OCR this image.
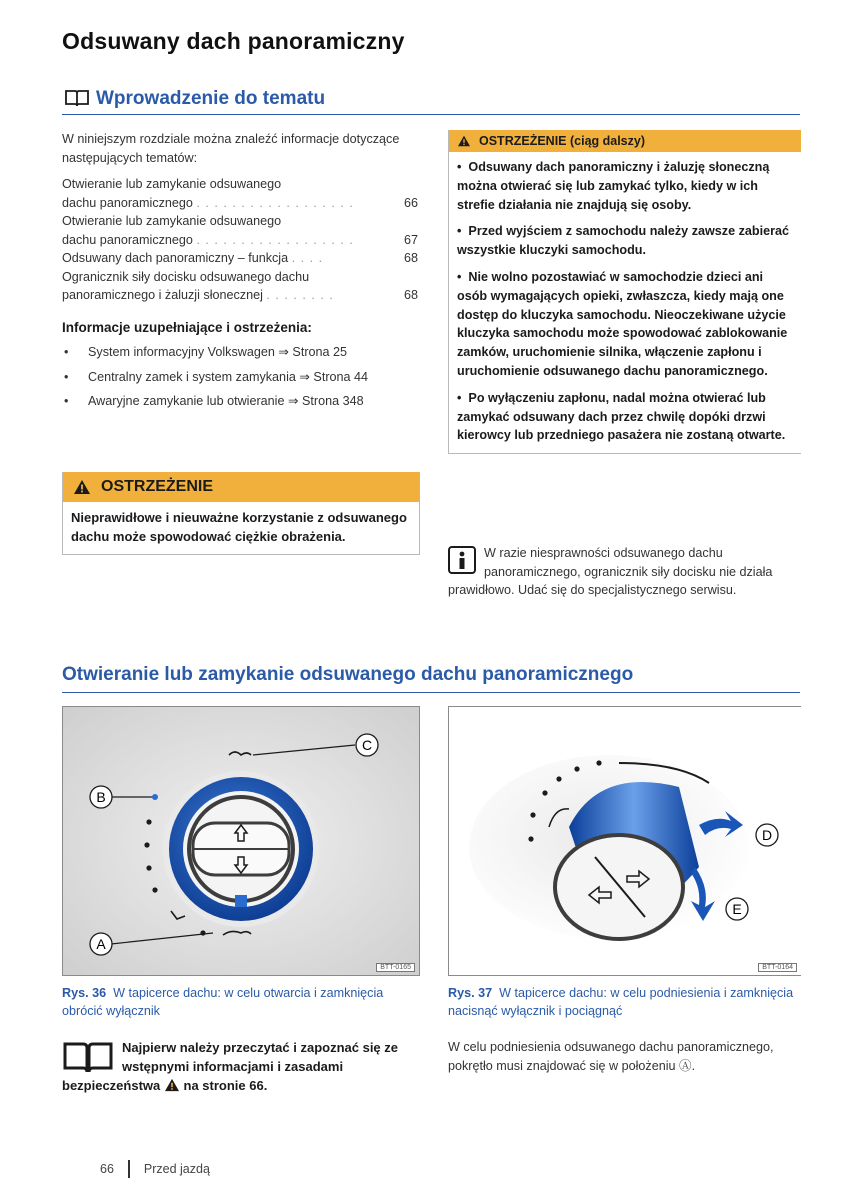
Odsuwany dach panoramiczny
Wprowadzenie do tematu
W niniejszym rozdziale można znaleźć informacje dotyczące następujących tematów:
Otwieranie lub zamykanie odsuwanego
dachu panoramicznego . . . . . . . . . . . . . . . . . .	66
Otwieranie lub zamykanie odsuwanego
dachu panoramicznego . . . . . . . . . . . . . . . . . .	67
Odsuwany dach panoramiczny – funkcja . . . .	68
Ogranicznik siły docisku odsuwanego dachu
panoramicznego i żaluzji słonecznej . . . . . . . .	68
Informacje uzupełniające i ostrzeżenia:
• System informacyjny Volkswagen ⇒ Strona 25
• Centralny zamek i system zamykania ⇒ Strona 44
• Awaryjne zamykanie lub otwieranie ⇒ Strona 348
OSTRZEŻENIE
Nieprawidłowe i nieuważne korzystanie z odsuwanego dachu może spowodować ciężkie obrażenia.
OSTRZEŻENIE (ciąg dalszy)

•  Odsuwany dach panoramiczny i żaluzję słoneczną można otwierać się lub zamykać tylko, kiedy w ich strefie działania nie znajdują się osoby.

•  Przed wyjściem z samochodu należy zawsze zabierać wszystkie kluczyki samochodu.

•  Nie wolno pozostawiać w samochodzie dzieci ani osób wymagających opieki, zwłaszcza, kiedy mają one dostęp do kluczyka samochodu. Nieoczekiwane użycie kluczyka samochodu może spowodować zablokowanie zamków, uruchomienie silnika, włączenie zapłonu i uruchomienie odsuwanego dachu panoramicznego.

•  Po wyłączeniu zapłonu, nadal można otwierać lub zamykać odsuwany dach przez chwilę dopóki drzwi kierowcy lub przedniego pasażera nie zostaną otwarte.

W razie niesprawności odsuwanego dachu panoramicznego, ogranicznik siły docisku nie działa prawidłowo. Udać się do specjalistycznego serwisu.
Otwieranie lub zamykanie odsuwanego dachu panoramicznego
B
C
A
BTT-0165
Rys. 36 W tapicerce dachu: w celu otwarcia i zamknięcia obrócić wyłącznik
D
E
BTT-0164
Rys. 37 W tapicerce dachu: w celu podniesienia i zamknięcia nacisnąć wyłącznik i pociągnąć
Najpierw należy przeczytać i zapoznać się ze wstępnymi informacjami i zasadami bezpieczeństwa na stronie 66.
W celu podniesienia odsuwanego dachu panoramicznego, pokrętło musi znajdować się w położeniu Ⓐ.
66 Przed jazdą
